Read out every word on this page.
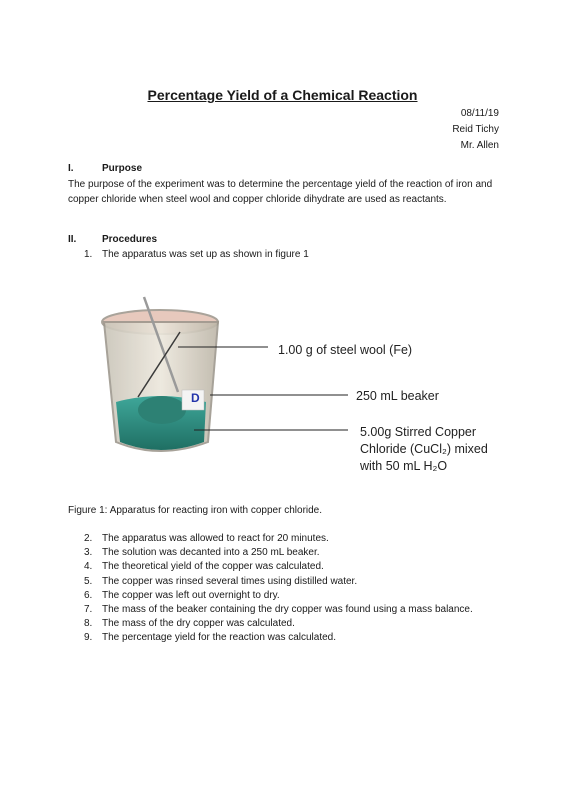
Percentage Yield of a Chemical Reaction
08/11/19
Reid Tichy
Mr. Allen
I.	Purpose
The purpose of the experiment was to determine the percentage yield of the reaction of iron and copper chloride when steel wool and copper chloride dihydrate are used as reactants.
II.	Procedures
1. The apparatus was set up as shown in figure 1
D
1.00 g of steel wool (Fe)
250 mL beaker
5.00g Stirred Copper
Chloride (CuCl₂) mixed
with 50 mL H₂O
Figure 1: Apparatus for reacting iron with copper chloride.
2. The apparatus was allowed to react for 20 minutes.
3. The solution was decanted into a 250 mL beaker.
4. The theoretical yield of the copper was calculated.
5. The copper was rinsed several times using distilled water.
6. The copper was left out overnight to dry.
7. The mass of the beaker containing the dry copper was found using a mass balance.
8. The mass of the dry copper was calculated.
9. The percentage yield for the reaction was calculated.
